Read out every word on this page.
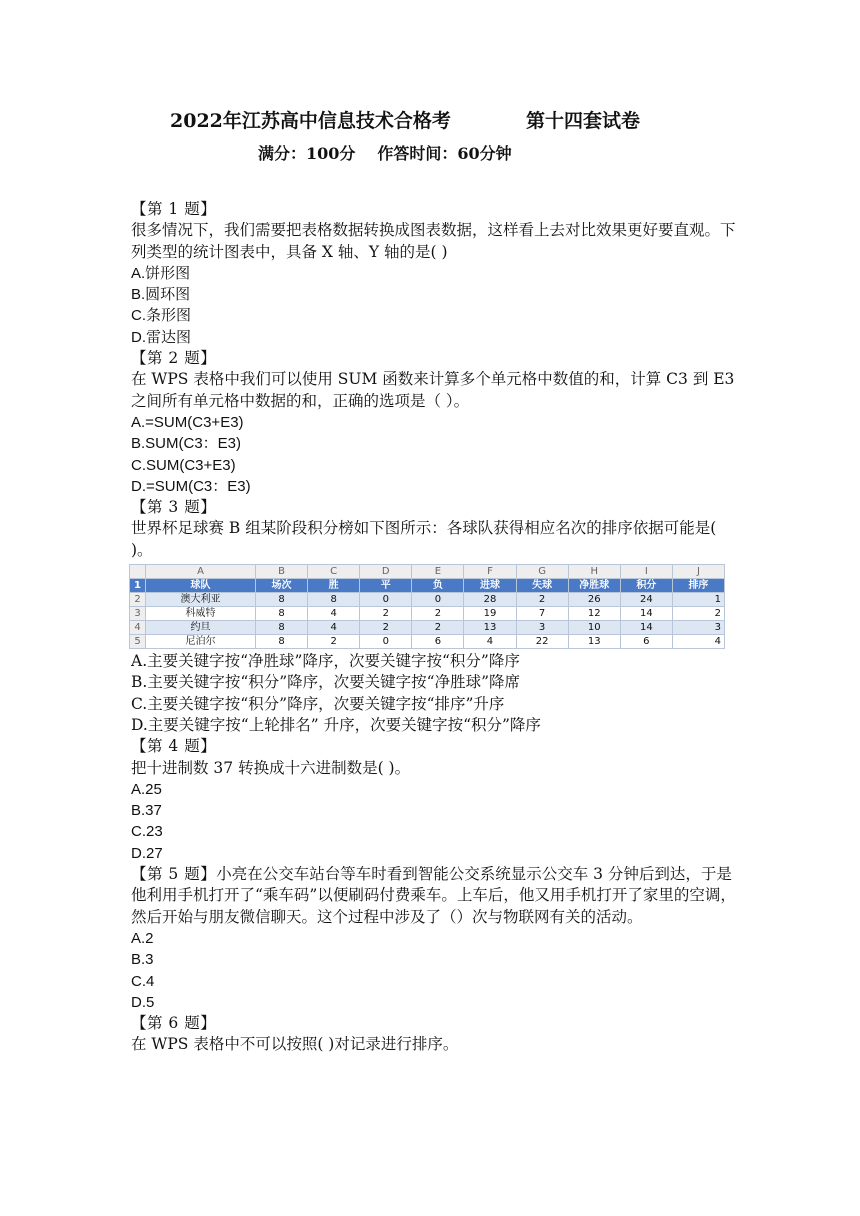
2022年江苏高中信息技术合格考	第十四套试卷
满分：100分 作答时间：60分钟

【第 1 题】

很多情况下，我们需要把表格数据转换成图表数据，这样看上去对比效果更好要直观。下列类型的统计图表中，具备 X 轴、Y 轴的是( )

A.饼形图

B.圆环图

C.条形图

D.雷达图

【第 2 题】

在 WPS 表格中我们可以使用 SUM 函数来计算多个单元格中数值的和，计算 C3 到 E3 之间所有单元格中数据的和，正确的选项是（ ）。

A.=SUM(C3+E3)

B.SUM(C3：E3)

C.SUM(C3+E3)

D.=SUM(C3：E3)

【第 3 题】

世界杯足球赛 B 组某阶段积分榜如下图所示：各球队获得相应名次的排序依据可能是( )。

	A	B	C	D	E	F	G	H	I	J
1	球队	场次	胜	平	负	进球	失球	净胜球	积分	排序
2	澳大利亚	8	8	0	0	28	2	26	24	1
3	科威特	8	4	2	2	19	7	12	14	2
4	约旦	8	4	2	2	13	3	10	14	3
5	尼泊尔	8	2	0	6	4	22	13	6	4

A.主要关键字按“净胜球”降序，次要关键字按“积分”降序

B.主要关键字按“积分”降序，次要关键字按“净胜球”降席

C.主要关键字按“积分”降序，次要关键字按“排序”升序

D.主要关键字按“上轮排名” 升序，次要关键字按“积分”降序

【第 4 题】

把十进制数 37 转换成十六进制数是( )。

A.25

B.37

C.23

D.27

【第 5 题】小亮在公交车站台等车时看到智能公交系统显示公交车 3 分钟后到达，于是他利用手机打开了“乘车码”以便刷码付费乘车。上车后，他又用手机打开了家里的空调，然后开始与朋友微信聊天。这个过程中涉及了（）次与物联网有关的活动。

A.2

B.3

C.4

D.5

【第 6 题】

在 WPS 表格中不可以按照( )对记录进行排序。
